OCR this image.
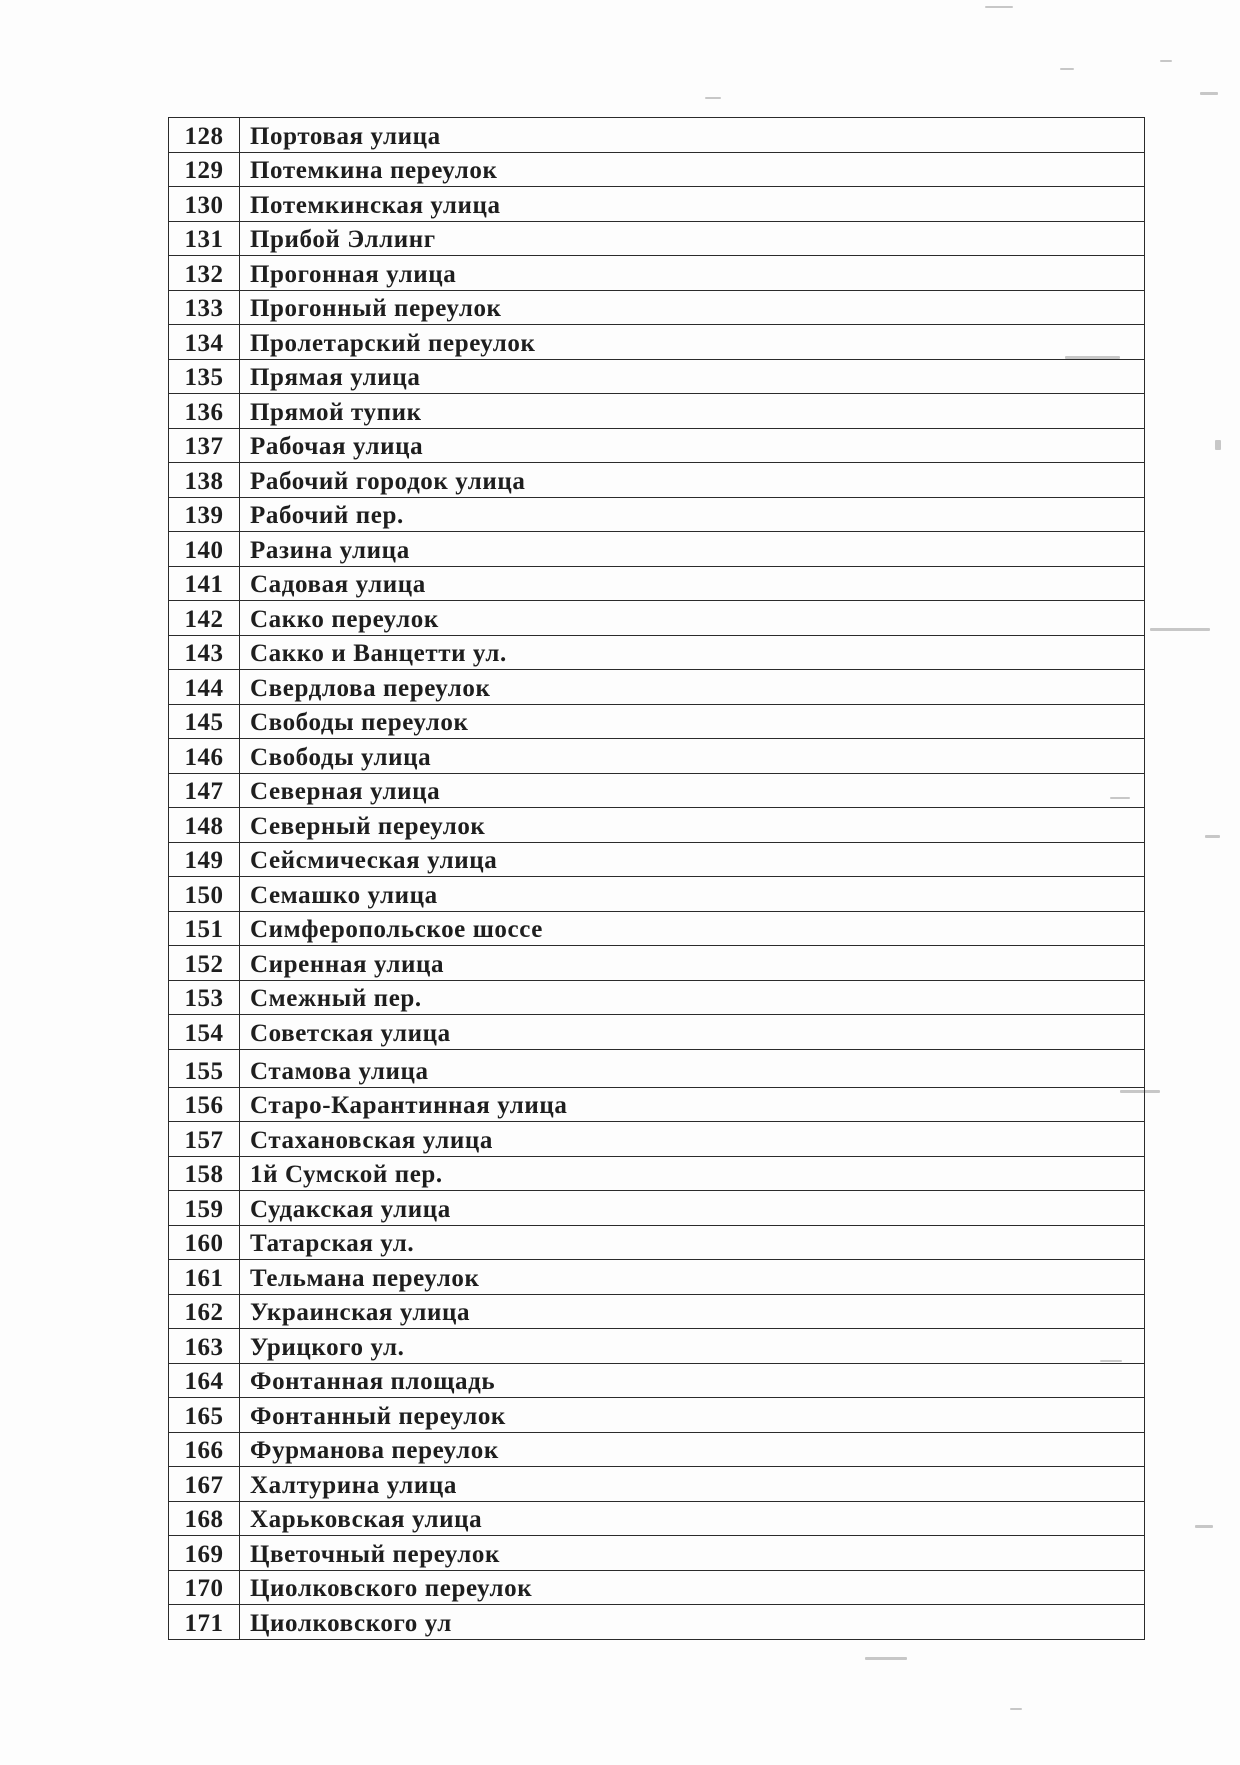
128	Портовая улица
129	Потемкина переулок
130	Потемкинская улица
131	Прибой Эллинг
132	Прогонная улица
133	Прогонный переулок
134	Пролетарский переулок
135	Прямая улица
136	Прямой тупик
137	Рабочая улица
138	Рабочий городок улица
139	Рабочий пер.
140	Разина улица
141	Садовая улица
142	Сакко переулок
143	Сакко и Ванцетти ул.
144	Свердлова переулок
145	Свободы переулок
146	Свободы улица
147	Северная улица
148	Северный переулок
149	Сейсмическая улица
150	Семашко улица
151	Симферопольское шоссе
152	Сиренная улица
153	Смежный пер.
154	Советская улица
155	Стамова улица
156	Старо-Карантинная улица
157	Стахановская улица
158	1й Сумской пер.
159	Судакская улица
160	Татарская ул.
161	Тельмана переулок
162	Украинская улица
163	Урицкого ул.
164	Фонтанная площадь
165	Фонтанный переулок
166	Фурманова переулок
167	Халтурина улица
168	Харьковская улица
169	Цветочный переулок
170	Циолковского переулок
171	Циолковского ул
